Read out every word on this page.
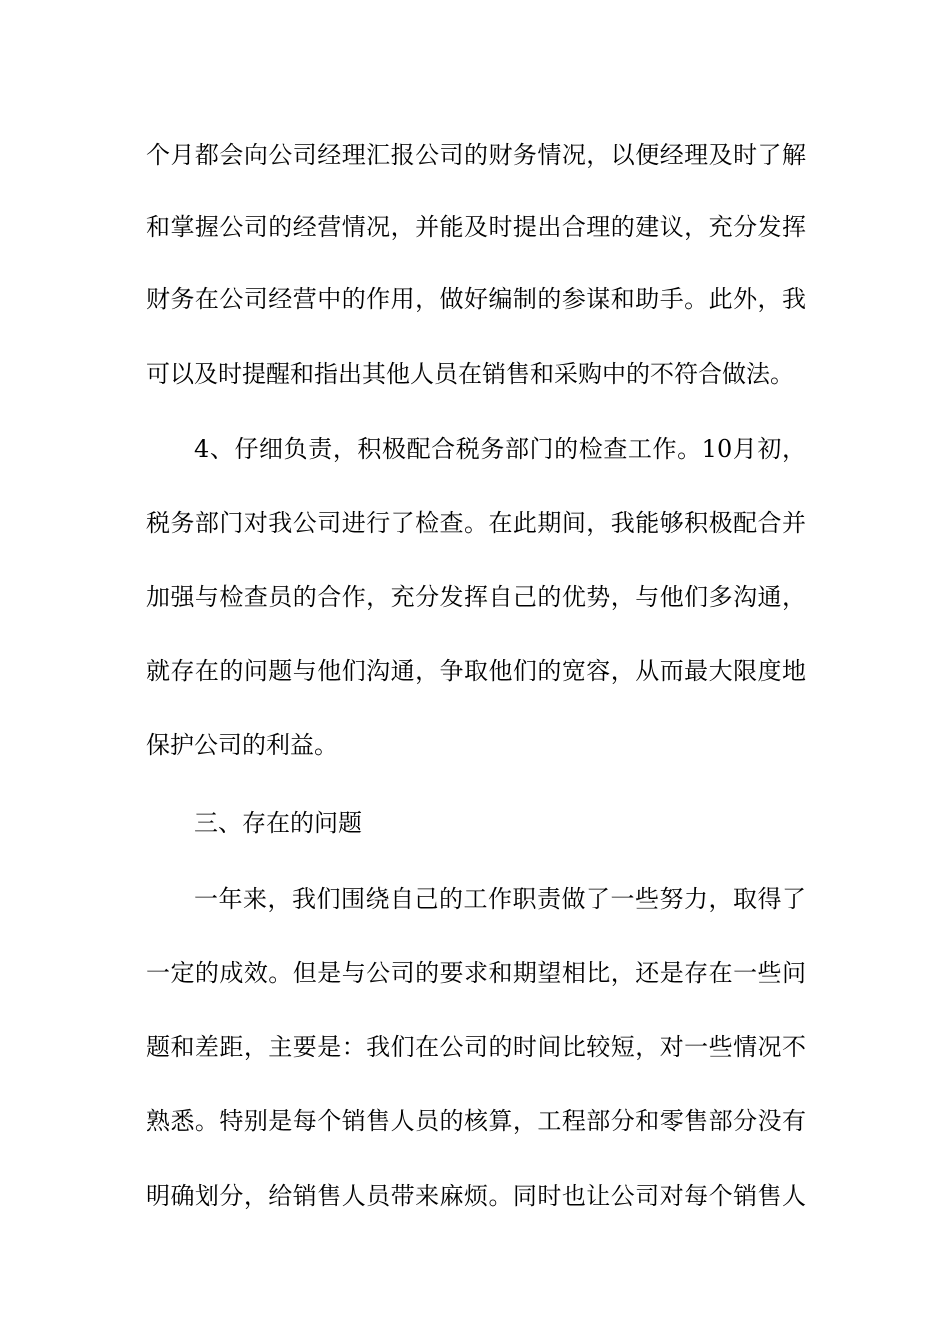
个月都会向公司经理汇报公司的财务情况，以便经理及时了解
和掌握公司的经营情况，并能及时提出合理的建议，充分发挥
财务在公司经营中的作用，做好编制的参谋和助手。此外，我
可以及时提醒和指出其他人员在销售和采购中的不符合做法。
4、仔细负责，积极配合税务部门的检查工作。10月初，
税务部门对我公司进行了检查。在此期间，我能够积极配合并
加强与检查员的合作，充分发挥自己的优势，与他们多沟通，
就存在的问题与他们沟通，争取他们的宽容，从而最大限度地
保护公司的利益。
三、存在的问题
一年来，我们围绕自己的工作职责做了一些努力，取得了
一定的成效。但是与公司的要求和期望相比，还是存在一些问
题和差距，主要是：我们在公司的时间比较短，对一些情况不
熟悉。特别是每个销售人员的核算，工程部分和零售部分没有
明确划分，给销售人员带来麻烦。同时也让公司对每个销售人
